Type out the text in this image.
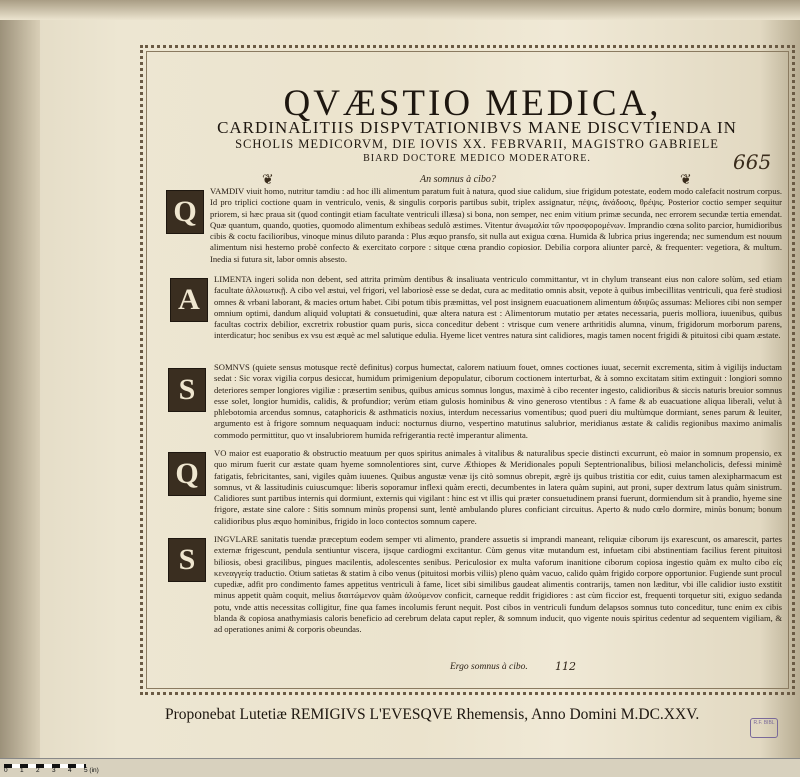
QVÆSTIO MEDICA,
CARDINALITIIS DISPVTATIONIBVS MANE DISCVTIENDA IN
SCHOLIS MEDICORVM, DIE IOVIS XX. FEBRVARII, MAGISTRO GABRIELE
BIARD DOCTORE MEDICO MODERATORE.	665
❦	❦
An somnus à cibo?
Q
VAMDIV viuit homo, nutritur tamdiu : ad hoc illi alimentum paratum fuit à natura, quod siue calidum, siue frigidum potestate, eodem modo calefacit nostrum corpus. Id pro triplici coctione quam in ventriculo, venis, & singulis corporis partibus subit, triplex assignatur, πέψις, ἀνάδοσις, θρέψις. Posterior coctio semper sequitur priorem, si hæc praua sit (quod contingit etiam facultate ventriculi illæsa) si bona, non semper, nec enim vitium primæ secunda, nec errorem secundæ tertia emendat. Quæ quantum, quando, quoties, quomodo alimentum exhibeas sedulò æstimes. Vitentur ἀνωμαλία τῶν προσφορομένων. Imprandio cœna solito parcior, humidioribus cibis & coctu facilioribus, vinoque minus diluto paranda : Plus æquo pransfo, sit nulla aut exigua cœna. Humida & lubrica prius ingerenda; nec sumendum est nouum alimentum nisi hesterno probè confecto & exercitato corpore : sitque cœna prandio copiosior. Debilia corpora aliunter parcè, & frequenter: vegetiora, & multum. Inedia si futura sit, labor omnis absesto.
A
LIMENTA ingeri solida non debent, sed attrita primùm dentibus & insaliuata ventriculo committantur, vt in chylum transeant eius non calore solùm, sed etiam facultate ἀλλοιωτικῇ. A cibo vel æstui, vel frigori, vel laboriosè esse se dedat, cura ac meditatio omnis absit, vepote à quibus imbecillitas ventriculi, qua ferè studiosi omnes & vrbani laborant, & macies ortum habet. Cibi potum tibis præmittas, vel post insignem euacuationem alimentum ἀδιψῶς assumas: Meliores cibi non semper omnium optimi, dandum aliquid voluptati & consuetudini, quæ altera natura est : Alimentorum mutatio per ætates necessaria, pueris molliora, iuuenibus, quibus facultas coctrix debilior, excretrix robustior quam puris, sicca conceditur debent : vtrisque cum venere arthritidis alumna, vinum, frigidorum morborum parens, interdicatur; hoc senibus ex vsu est æquè ac mel salutique edulia. Hyeme licet ventres natura sint calidiores, magis tamen nocent frigidi & pituitosi cibi quam æstate.
S
SOMNVS (quiete sensus motusque rectè definitus) corpus humectat, calorem natiuum fouet, omnes coctiones iuuat, secernit excrementa, sitim à vigilijs inductam sedat : Sic vorax vigilia corpus desiccat, humidum primigenium depopulatur, ciborum coctionem interturbat, & à somno excitatam sitim extinguit : longiori somno deteriores semper longiores vigiliæ : præsertim senibus, quibus amicus somnus longus, maximè à cibo recenter ingesto, calidioribus & siccis naturis breuior somnus esse solet, longior humidis, calidis, & profundior; verùm etiam gulosis hominibus & vino generoso vtentibus : A fame & ab euacuatione aliqua liberali, velut à phlebotomia arcendus somnus, cataphoricis & asthmaticis noxius, interdum necessarius vomentibus; quod pueri diu multùmque dormiant, senes parum & leuiter, argumento est à frigore somnum nequaquam induci: nocturnus diurno, vespertino matutinus salubrior, meridianus æstate & calidis regionibus maximo animalis commodo permittitur, quo vt insalubriorem humida refrigerantia rectè imperantur alimenta.
Q
VO maior est euaporatio & obstructio meatuum per quos spiritus animales à vitalibus & naturalibus specie distincti excurrunt, eò maior in somnum propensio, ex quo mirum fuerit cur æstate quam hyeme somnolentiores sint, curve Æthiopes & Meridionales populi Septentrionalibus, biliosi melancholicis, defessi minimè fatigatis, febricitantes, sani, vigiles quàm iuuenes. Quibus angustæ venæ ijs citò somnus obrepit, ægrè ijs quibus tristitia cor edit, cuius tamen alexipharmacum est somnus, vt & lassitudinis cuiuscumque: liberis soporamur inflexi quàm erecti, decumbentes in latera quàm supini, aut proni, super dextrum latus quàm sinistrum. Calidiores sunt partibus internis qui dormiunt, externis qui vigilant : hinc est vt illis qui præter consuetudinem pransi fuerunt, dormiendum sit à prandio, hyeme sine frigore, æstate sine calore : Sitis somnum minùs propensi sunt, lentè ambulando plures conficiant circuitus. Aperto & nudo cœlo dormire, minùs bonum; bonum calidioribus plus æquo hominibus, frigido in loco contectos somnum capere.
S
INGVLARE sanitatis tuendæ præceptum eodem semper vti alimento, prandere assuetis si imprandi maneant, reliquiæ ciborum ijs exarescunt, os amarescit, partes externæ frigescunt, pendula sentiuntur viscera, ijsque cardiogmi excitantur. Cùm genus vitæ mutandum est, infuetam cibi abstinentiam facilius ferent pituitosi biliosis, obesi gracilibus, pingues macilentis, adolescentes senibus. Periculosior ex multa vaforum inanitione ciborum copiosa ingestio quàm ex multo cibo εἰς κενεαγγείᾳ traductio. Otium satietas & statim à cibo venus (pituitosi morbis viliis) pleno quàm vacuo, calido quàm frigido corpore opportunior. Fugiende sunt procul cupediæ, adfit pro condimento fames appetitus ventriculi à fame, licet sibi similibus gaudeat alimentis contrarijs, tamen non læditur, vbi ille calidior iusto exstitit minus appetit quàm coquit, melius διαιτώμενον quàm ἀλούμενον conficit, carneque reddit frigidiores : ast cùm ficcior est, frequenti torquetur siti, exiguo sedanda potu, vnde attis necessitas colligitur, fine qua fames incolumis ferunt nequit. Post cibos in ventriculi fundum delapsos somnus tuto conceditur, tunc enim ex cibis blanda & copiosa anathymiasis caloris beneficio ad cerebrum delata caput repler, & somnum inducit, quo vigente nouis spiritus cedentur ad sequentem vigiliam, & ad operationes animi & corporis obeundas.
Ergo somnus à cibo. 112
Proponebat Lutetiæ REMIGIVS L'EVESQVE Rhemensis, Anno Domini M.DC.XXV.	R.F. BIBL
0 1 2 3 4 5 (in)
